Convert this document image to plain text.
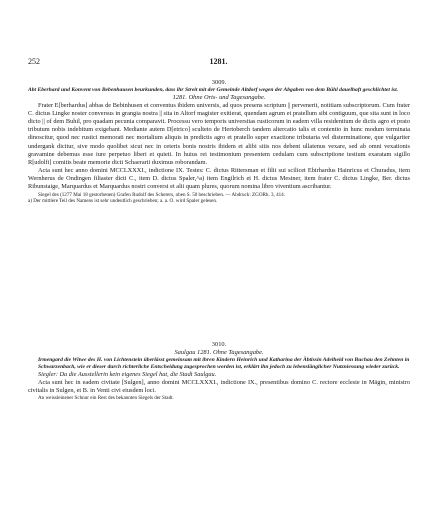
252	1281.
3009.
Abt Eberhard und Konvent von Bebenhausen beurkunden, dass ihr Streit mit der Gemeinde Altdorf wegen der Abgaben von dem Bühl dauelhaft geschlichtet ist.
1281. Ohne Orts- und Tagesangabe.

Frater E[berhardus] abbas de Bebinhusen et conventus ibidem universis, ad quos presens scriptum || pervenerit, notitiam subscriptorum. Cum frater C. dictus Lingke noster conversus in grangia nostra || sita in Altorf magister exitierat, quendam agrum et pratellum sibi contiguum, que sita sunt in loco dicto || of dem Buhil, pro quadam pecunia comparavit. Processu vero temporis universitas rusticorum in eadem villa residentium de dictis agro et prato tributum nobis indebitum exigebant. Mediante autem D[etrico] sculteto de Hertoberch tandem altercatio talis et contentio in hunc modum terminata dinoscitur, quod nec rustici memorati nec mortalium aliquis in predictis agro et pratello super exactione tributaria vel disterminatione, que vulgariter undergank dicitur, sive modo quolibet sicut nec in ceteris bonis nostris ibidem et alibi sitis nos debent ullatenus vexare, sed ab omni vexationis gravamine debemus esse iure perpetuo liberi et quieti. In huius rei testimonium presentem cedulam cum subscriptione testium exaratam sigillo R[udolfi] comitis beate memorie dicti Schaerarii duximus roborandam.

Acta sunt hec anno domini MCCLXXXI., indictione IX. Testes: C. dictus Rittersman et filii sui scilicet Ebirhardus Hainricus et Churadus, item Wernherus de Ondingen filiaster dicti C., item D. dictus Spaler,^a) item Engilrich et H. dictus Mesiner, item frater C. dictus Lingke, Ber. dictus Ribunstaige, Marquardus et Marquardus nostri conversi et alii quam plures, quorum nomina libro viventium ascribantur.

Siegel des (1277 Mai 18 gestorbenen) Grafen Rudolf des Scherers, oben S. 50 beschrieben. — Abdruck: ZGORh. 3, 414.
a) Der mittlere Teil des Namens ist sehr undeutlich geschrieben; a. a. O. wird Spaler gelesen.
3010.
Saulgau 1281. Ohne Tagesangabe.
Irmengard die Witwe des H. von Lichtenstein überlässt gemeinsam mit ihren Kindern Heinrich und Katharina der Äbtissin Adelheid von Buchau den Zehnten in Schwarzenbach, wie er dieser durch richterliche Entscheidung zugesprochen worden ist, erklärt ihn jedoch zu lebenslänglicher Nutzniessung wieder zurück.

Siegler: Da die Ausstellerin kein eigenes Siegel hat, die Stadt Saulgau.

Acta sunt hec in eadem civitate [Sulgen], anno domini MCCLXXXI., indictione IX., presentibus domino C. rectore ecclesie in Mägin, ministro civitalis in Sulgen, et B. in Venti civi eiusdem loci.

An weissleinener Schnur ein Rest des bekannten Siegels der Stadt.
